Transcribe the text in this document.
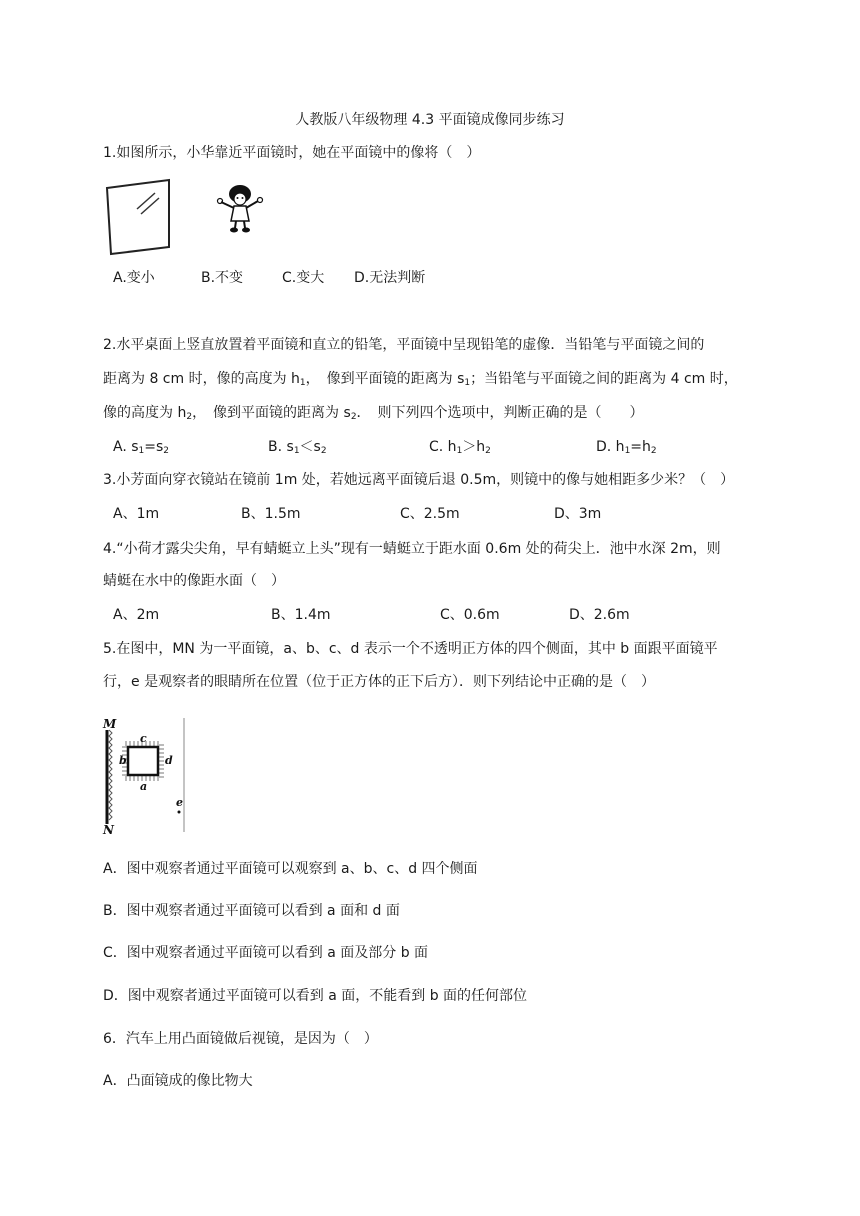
人教版八年级物理 4.3 平面镜成像同步练习
1.如图所示，小华靠近平面镜时，她在平面镜中的像将（　）
A.变小	B.不变	C.变大 D.无法判断
2.水平桌面上竖直放置着平面镜和直立的铅笔，平面镜中呈现铅笔的虚像．当铅笔与平面镜之间的
距离为 8 cm 时，像的高度为 $h_1$，　像到平面镜的距离为 $s_1$；当铅笔与平面镜之间的距离为 4 cm 时，
像的高度为 $h_2$，　像到平面镜的距离为 $s_2$．　则下列四个选项中，判断正确的是（　　）
A. $s_1=s_2$	B. $s_1<s_2$	C. $h_1>h_2$	D. $h_1=h_2$
3.小芳面向穿衣镜站在镜前 1m 处，若她远离平面镜后退 0.5m，则镜中的像与她相距多少米？（　）
A、1m	B、1.5m	C、2.5m	D、3m
4.“小荷才露尖尖角，早有蜻蜓立上头”现有一蜻蜓立于距水面 0.6m 处的荷尖上．池中水深 2m，则
蜻蜓在水中的像距水面（　）
A、2m	B、1.4m	C、0.6m	D、2.6m
5.在图中，MN 为一平面镜，a、b、c、d 表示一个不透明正方体的四个侧面，其中 b 面跟平面镜平
行，e 是观察者的眼睛所在位置（位于正方体的正下后方）．则下列结论中正确的是（　）
M
N
c
b	d
a
e
A．图中观察者通过平面镜可以观察到 a、b、c、d 四个侧面
B．图中观察者通过平面镜可以看到 a 面和 d 面
C．图中观察者通过平面镜可以看到 a 面及部分 b 面
D．图中观察者通过平面镜可以看到 a 面，不能看到 b 面的任何部位
6．汽车上用凸面镜做后视镜，是因为（　）
A．凸面镜成的像比物大
